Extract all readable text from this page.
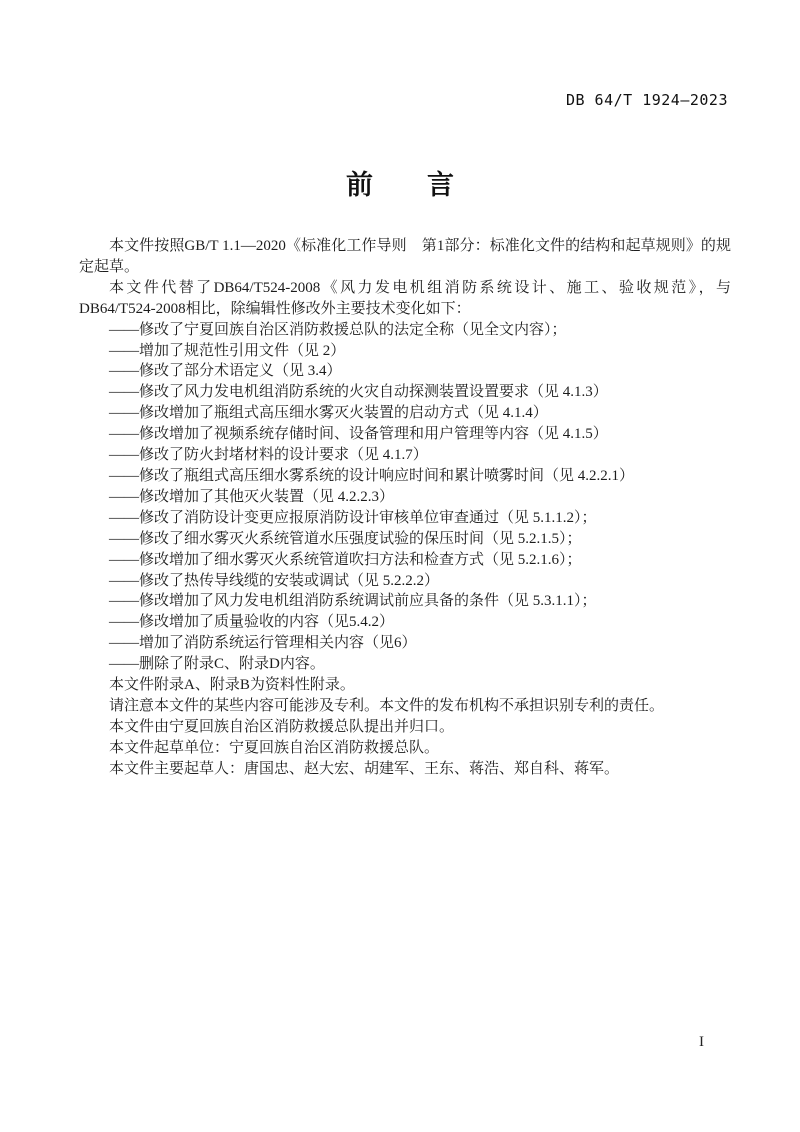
DB 64/T 1924—2023
前　　言

本文件按照GB/T 1.1—2020《标准化工作导则　第1部分：标准化文件的结构和起草规则》的规定起草。

本文件代替了DB64/T524-2008《风力发电机组消防系统设计、施工、验收规范》，与DB64/T524-2008相比，除编辑性修改外主要技术变化如下：

——修改了宁夏回族自治区消防救援总队的法定全称（见全文内容）；

——增加了规范性引用文件（见 2）

——修改了部分术语定义（见 3.4）

——修改了风力发电机组消防系统的火灾自动探测装置设置要求（见 4.1.3）

——修改增加了瓶组式高压细水雾灭火装置的启动方式（见 4.1.4）

——修改增加了视频系统存储时间、设备管理和用户管理等内容（见 4.1.5）

——修改了防火封堵材料的设计要求（见 4.1.7）

——修改了瓶组式高压细水雾系统的设计响应时间和累计喷雾时间（见 4.2.2.1）

——修改增加了其他灭火装置（见 4.2.2.3）

——修改了消防设计变更应报原消防设计审核单位审查通过（见 5.1.1.2）；

——修改了细水雾灭火系统管道水压强度试验的保压时间（见 5.2.1.5）；

——修改增加了细水雾灭火系统管道吹扫方法和检查方式（见 5.2.1.6）；

——修改了热传导线缆的安装或调试（见 5.2.2.2）

——修改增加了风力发电机组消防系统调试前应具备的条件（见 5.3.1.1）；

——修改增加了质量验收的内容（见5.4.2）

——增加了消防系统运行管理相关内容（见6）

——删除了附录C、附录D内容。

本文件附录A、附录B为资料性附录。

请注意本文件的某些内容可能涉及专利。本文件的发布机构不承担识别专利的责任。

本文件由宁夏回族自治区消防救援总队提出并归口。

本文件起草单位：宁夏回族自治区消防救援总队。

本文件主要起草人：唐国忠、赵大宏、胡建军、王东、蒋浩、郑自科、蒋军。

I
